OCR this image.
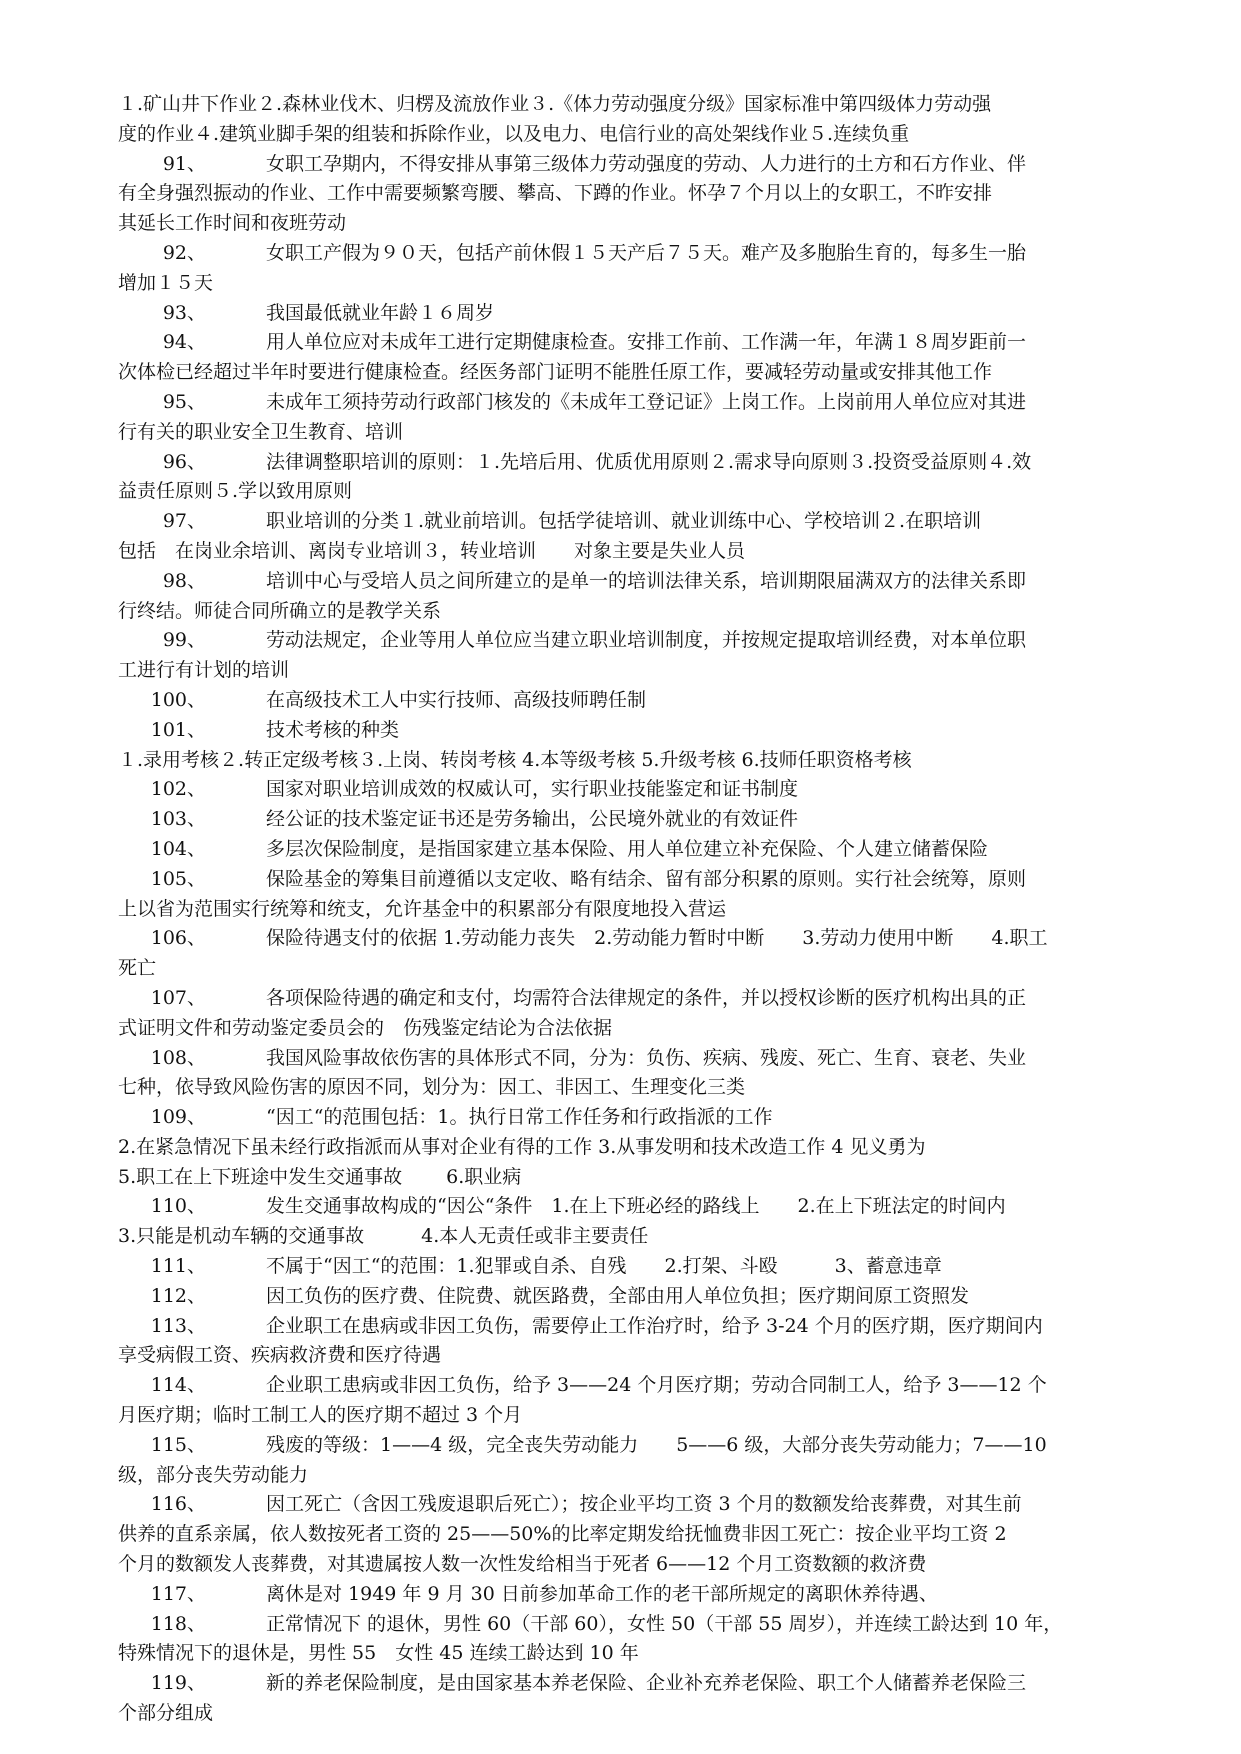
１.矿山井下作业２.森林业伐木、归楞及流放作业３.《体力劳动强度分级》国家标准中第四级体力劳动强
度的作业４.建筑业脚手架的组装和拆除作业，以及电力、电信行业的高处架线作业５.连续负重
91、	女职工孕期内，不得安排从事第三级体力劳动强度的劳动、人力进行的土方和石方作业、伴
有全身强烈振动的作业、工作中需要频繁弯腰、攀高、下蹲的作业。怀孕７个月以上的女职工，不昨安排
其延长工作时间和夜班劳动
92、	女职工产假为９０天，包括产前休假１５天产后７５天。难产及多胞胎生育的，每多生一胎
增加１５天
93、	我国最低就业年龄１６周岁
94、	用人单位应对未成年工进行定期健康检查。安排工作前、工作满一年，年满１８周岁距前一
次体检已经超过半年时要进行健康检查。经医务部门证明不能胜任原工作，要减轻劳动量或安排其他工作
95、	未成年工须持劳动行政部门核发的《未成年工登记证》上岗工作。上岗前用人单位应对其进
行有关的职业安全卫生教育、培训
96、	法律调整职培训的原则：１.先培后用、优质优用原则２.需求导向原则３.投资受益原则４.效
益责任原则５.学以致用原则
97、	职业培训的分类１.就业前培训。包括学徒培训、就业训练中心、学校培训２.在职培训
包括　在岗业余培训、离岗专业培训３，转业培训　　对象主要是失业人员
98、	培训中心与受培人员之间所建立的是单一的培训法律关系，培训期限届满双方的法律关系即
行终结。师徒合同所确立的是教学关系
99、	劳动法规定，企业等用人单位应当建立职业培训制度，并按规定提取培训经费，对本单位职
工进行有计划的培训
100、	在高级技术工人中实行技师、高级技师聘任制
101、	技术考核的种类
１.录用考核２.转正定级考核３.上岗、转岗考核 4.本等级考核 5.升级考核 6.技师任职资格考核
102、	国家对职业培训成效的权威认可，实行职业技能鉴定和证书制度
103、	经公证的技术鉴定证书还是劳务输出，公民境外就业的有效证件
104、	多层次保险制度，是指国家建立基本保险、用人单位建立补充保险、个人建立储蓄保险
105、	保险基金的筹集目前遵循以支定收、略有结余、留有部分积累的原则。实行社会统筹，原则
上以省为范围实行统筹和统支，允许基金中的积累部分有限度地投入营运
106、	保险待遇支付的依据 1.劳动能力丧失　2.劳动能力暂时中断　　3.劳动力使用中断　　4.职工
死亡
107、	各项保险待遇的确定和支付，均需符合法律规定的条件，并以授权诊断的医疗机构出具的正
式证明文件和劳动鉴定委员会的　伤残鉴定结论为合法依据
108、	我国风险事故依伤害的具体形式不同，分为：负伤、疾病、残废、死亡、生育、衰老、失业
七种，依导致风险伤害的原因不同，划分为：因工、非因工、生理变化三类
109、	“因工“的范围包括：1。执行日常工作任务和行政指派的工作
2.在紧急情况下虽未经行政指派而从事对企业有得的工作 3.从事发明和技术改造工作 4 见义勇为
5.职工在上下班途中发生交通事故　　 6.职业病
110、	发生交通事故构成的“因公“条件　1.在上下班必经的路线上　　2.在上下班法定的时间内
3.只能是机动车辆的交通事故　　　4.本人无责任或非主要责任
111、	不属于“因工“的范围：1.犯罪或自杀、自残　　2.打架、斗殴　　　3、蓄意违章
112、	因工负伤的医疗费、住院费、就医路费，全部由用人单位负担；医疗期间原工资照发
113、	企业职工在患病或非因工负伤，需要停止工作治疗时，给予 3-24 个月的医疗期，医疗期间内
享受病假工资、疾病救济费和医疗待遇
114、	企业职工患病或非因工负伤，给予 3——24 个月医疗期；劳动合同制工人，给予 3——12 个
月医疗期；临时工制工人的医疗期不超过 3 个月
115、	残废的等级：1——4 级，完全丧失劳动能力　　5——6 级，大部分丧失劳动能力；7——10
级，部分丧失劳动能力
116、	因工死亡（含因工残废退职后死亡）；按企业平均工资 3 个月的数额发给丧葬费，对其生前
供养的直系亲属，依人数按死者工资的 25——50%的比率定期发给抚恤费非因工死亡：按企业平均工资 2
个月的数额发人丧葬费，对其遗属按人数一次性发给相当于死者 6——12 个月工资数额的救济费
117、	离休是对 1949 年 9 月 30 日前参加革命工作的老干部所规定的离职休养待遇、
118、	正常情况下 的退休，男性 60（干部 60），女性 50（干部 55 周岁），并连续工龄达到 10 年，
特殊情况下的退休是，男性 55　女性 45 连续工龄达到 10 年
119、	新的养老保险制度，是由国家基本养老保险、企业补充养老保险、职工个人储蓄养老保险三
个部分组成
